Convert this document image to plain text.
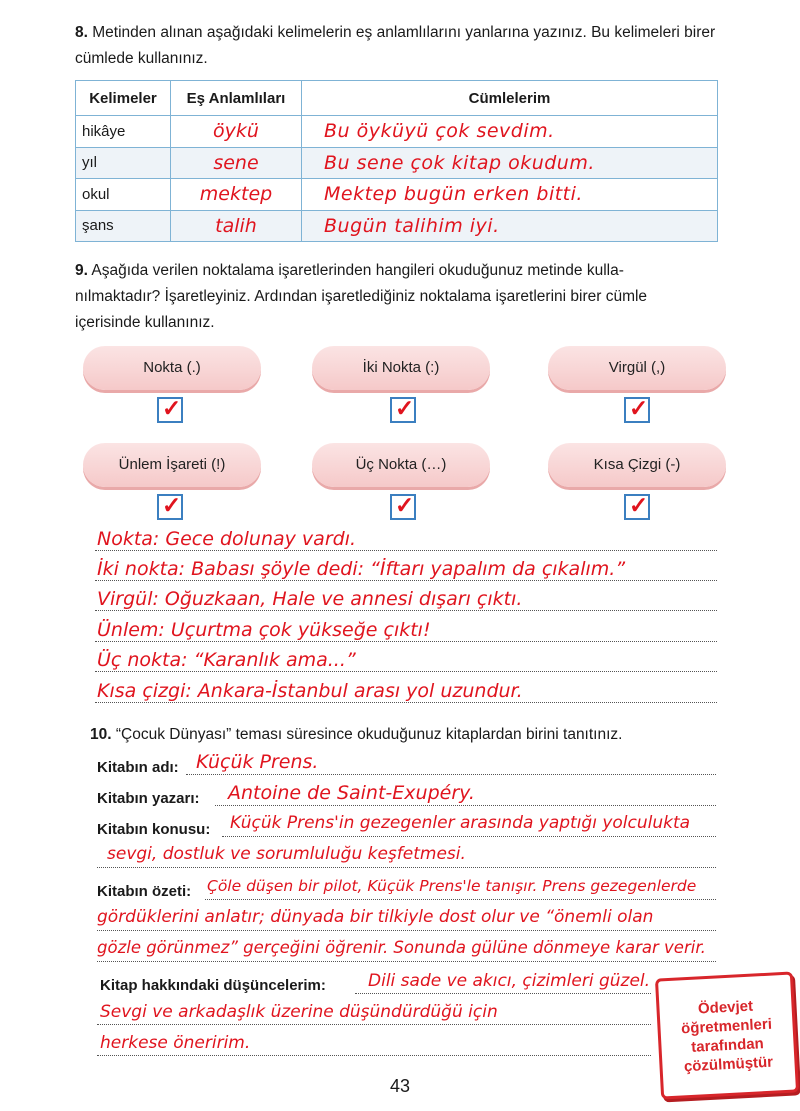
8. Metinden alınan aşağıdaki kelimelerin eş anlamlılarını yanlarına yazınız. Bu kelimeleri birer cümlede kullanınız.
Kelimeler	Eş Anlamlıları	Cümlelerim
hikâye	öykü	Bu öyküyü çok sevdim.
yıl	sene	Bu sene çok kitap okudum.
okul	mektep	Mektep bugün erken bitti.
şans	talih	Bugün talihim iyi.
9. Aşağıda verilen noktalama işaretlerinden hangileri okuduğunuz metinde kulla-
nılmaktadır? İşaretleyiniz. Ardından işaretlediğiniz noktalama işaretlerini birer cümle
içerisinde kullanınız.
Nokta (.)	İki Nokta (:)	Virgül (,)
✓	✓	✓
Ünlem İşareti (!)	Üç Nokta (…)	Kısa Çizgi (-)
✓	✓	✓
Nokta: Gece dolunay vardı.
İki nokta: Babası şöyle dedi: “İftarı yapalım da çıkalım.”
Virgül: Oğuzkaan, Hale ve annesi dışarı çıktı.
Ünlem: Uçurtma çok yükseğe çıktı!
Üç nokta: “Karanlık ama...”
Kısa çizgi: Ankara-İstanbul arası yol uzundur.
10. “Çocuk Dünyası” teması süresince okuduğunuz kitaplardan birini tanıtınız.
Kitabın adı: Küçük Prens.
Kitabın yazarı: Antoine de Saint-Exupéry.
Kitabın konusu: Küçük Prens'in gezegenler arasında yaptığı yolculukta
sevgi, dostluk ve sorumluluğu keşfetmesi.
Kitabın özeti: Çöle düşen bir pilot, Küçük Prens'le tanışır. Prens gezegenlerde
gördüklerini anlatır; dünyada bir tilkiyle dost olur ve “önemli olan
gözle görünmez” gerçeğini öğrenir. Sonunda gülüne dönmeye karar verir.
Kitap hakkındaki düşüncelerim: Dili sade ve akıcı, çizimleri güzel.
Sevgi ve arkadaşlık üzerine düşündürdüğü için
herkese öneririm.
Ödevjet
öğretmenleri
tarafından
çözülmüştür
43
